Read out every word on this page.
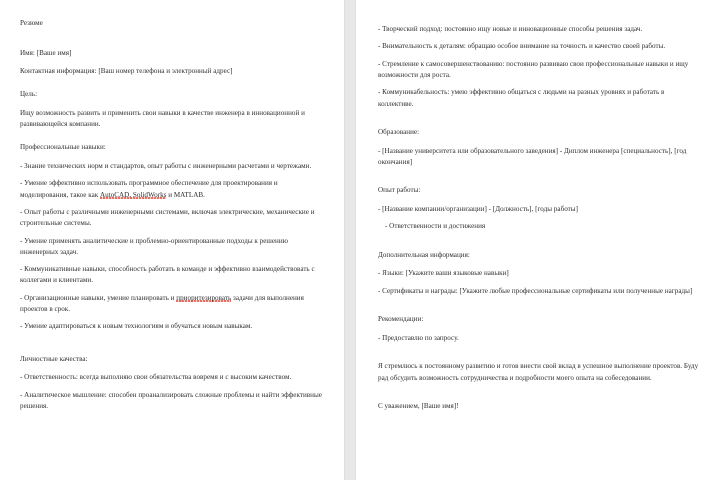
Резюме

Имя: [Ваше имя]

Контактная информация: [Ваш номер телефона и электронный адрес]

Цель:

Ищу возможность развить и применить свои навыки в качестве инженера в инновационной и развивающейся компании.

Профессиональные навыки:

- Знание технических норм и стандартов, опыт работы с инженерными расчетами и чертежами.

- Умение эффективно использовать программное обеспечение для проектирования и моделирования, такое как AutoCAD, SolidWorks и MATLAB.

- Опыт работы с различными инженерными системами, включая электрические, механические и строительные системы.

- Умение применять аналитические и проблемно-ориентированные подходы к решению инженерных задач.

- Коммуникативные навыки, способность работать в команде и эффективно взаимодействовать с коллегами и клиентами.

- Организационные навыки, умение планировать и приоритезировать задачи для выполнения проектов в срок.

- Умение адаптироваться к новым технологиям и обучаться новым навыкам.

Личностные качества:

- Ответственность: всегда выполняю свои обязательства вовремя и с высоким качеством.

- Аналитическое мышление: способен проанализировать сложные проблемы и найти эффективные решения.

- Творческий подход: постоянно ищу новые и инновационные способы решения задач.

- Внимательность к деталям: обращаю особое внимание на точность и качество своей работы.

- Стремление к самосовершенствованию: постоянно развиваю свои профессиональные навыки и ищу возможности для роста.

- Коммуникабельность: умею эффективно общаться с людьми на разных уровнях и работать в коллективе.

Образование:

- [Название университета или образовательного заведения] - Диплом инженера [специальность], [год окончания]

Опыт работы:

- [Название компании/организации] - [Должность], [годы работы]

- Ответственности и достижения

Дополнительная информация:

- Языки: [Укажите ваши языковые навыки]

- Сертификаты и награды: [Укажите любые профессиональные сертификаты или полученные награды]

Рекомендации:

- Предоставлю по запросу.

Я стремлюсь к постоянному развитию и готов внести свой вклад в успешное выполнение проектов. Буду рад обсудить возможность сотрудничества и подробности моего опыта на собеседовании.

С уважением, [Ваше имя]!
